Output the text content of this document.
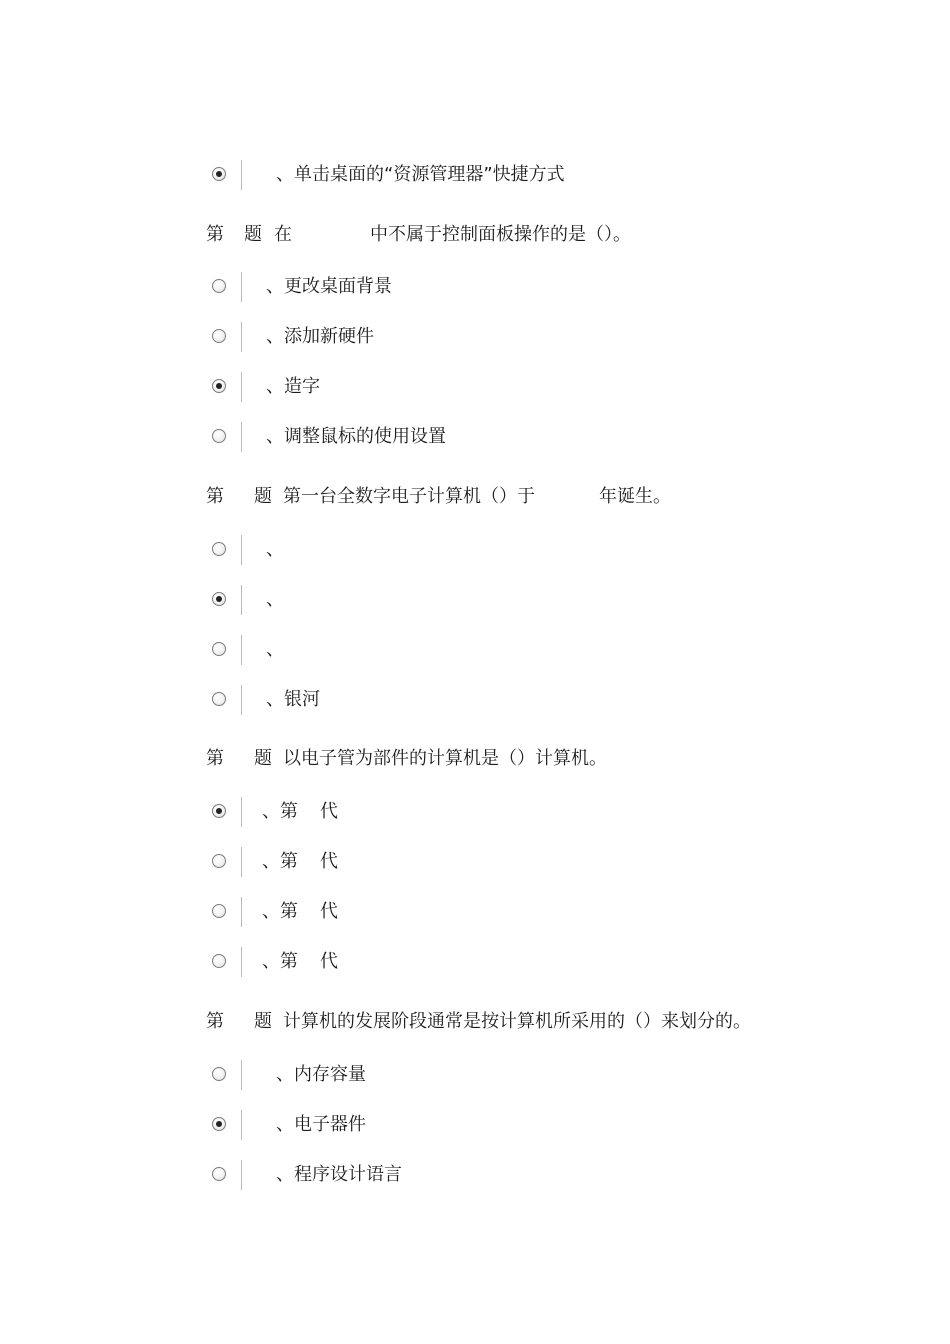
、单击桌面的“资源管理器”快捷方式

第

题

在

	中不属于控制面板操作的是（）。

、更改桌面背景
、添加新硬件
、造字
、调整鼠标的使用设置

第

题

第一台全数字电子计算机（）于

	年诞生。

、
、
、
、银河

第

题

以电子管为部件的计算机是（）计算机。

、第 代
、第 代
、第 代
、第 代

第

题

计算机的发展阶段通常是按计算机所采用的（）来划分的。

、内存容量
、电子器件
、程序设计语言
